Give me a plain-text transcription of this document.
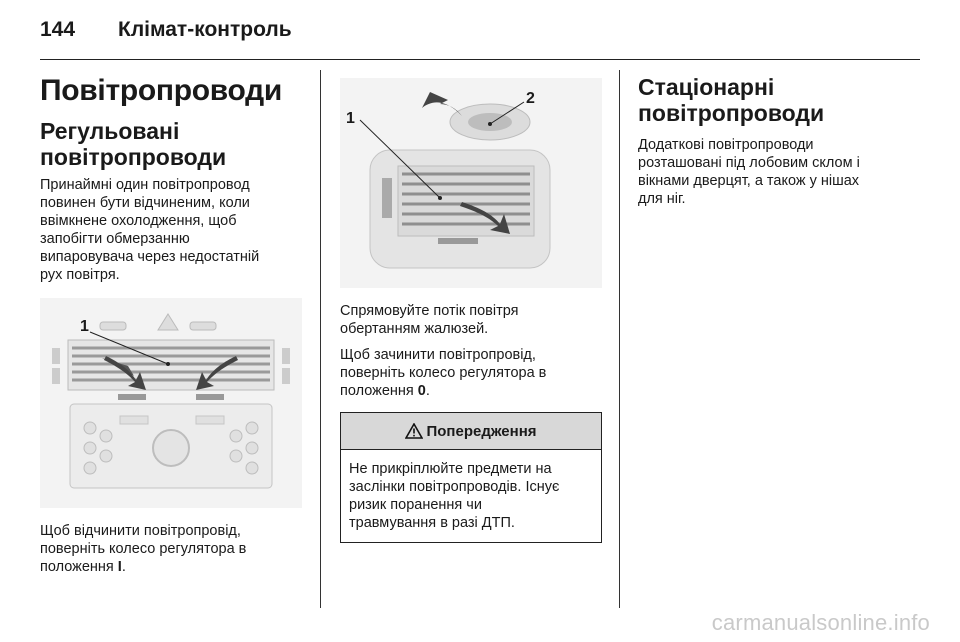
144 Клімат-контроль
Повітропроводи
Регульовані
повітропроводи

Принаймні один повітропровод
повинен бути відчиненим, коли
ввімкнене охолодження, щоб
запобігти обмерзанню
випаровувача через недостатній
рух повітря.

1

Щоб відчинити повітропровід,
поверніть колесо регулятора в
положення I.

1
2

Спрямовуйте потік повітря
обертанням жалюзей.

Щоб зачинити повітропровід,
поверніть колесо регулятора в
положення 0.

Попередження
Не прикріплюйте предмети на
заслінки повітропроводів. Існує
ризик поранення чи
травмування в разі ДТП.
Стаціонарні
повітропроводи

Додаткові повітропроводи
розташовані під лобовим склом і
вікнами дверцят, а також у нішах
для ніг.

carmanualsonline.info
